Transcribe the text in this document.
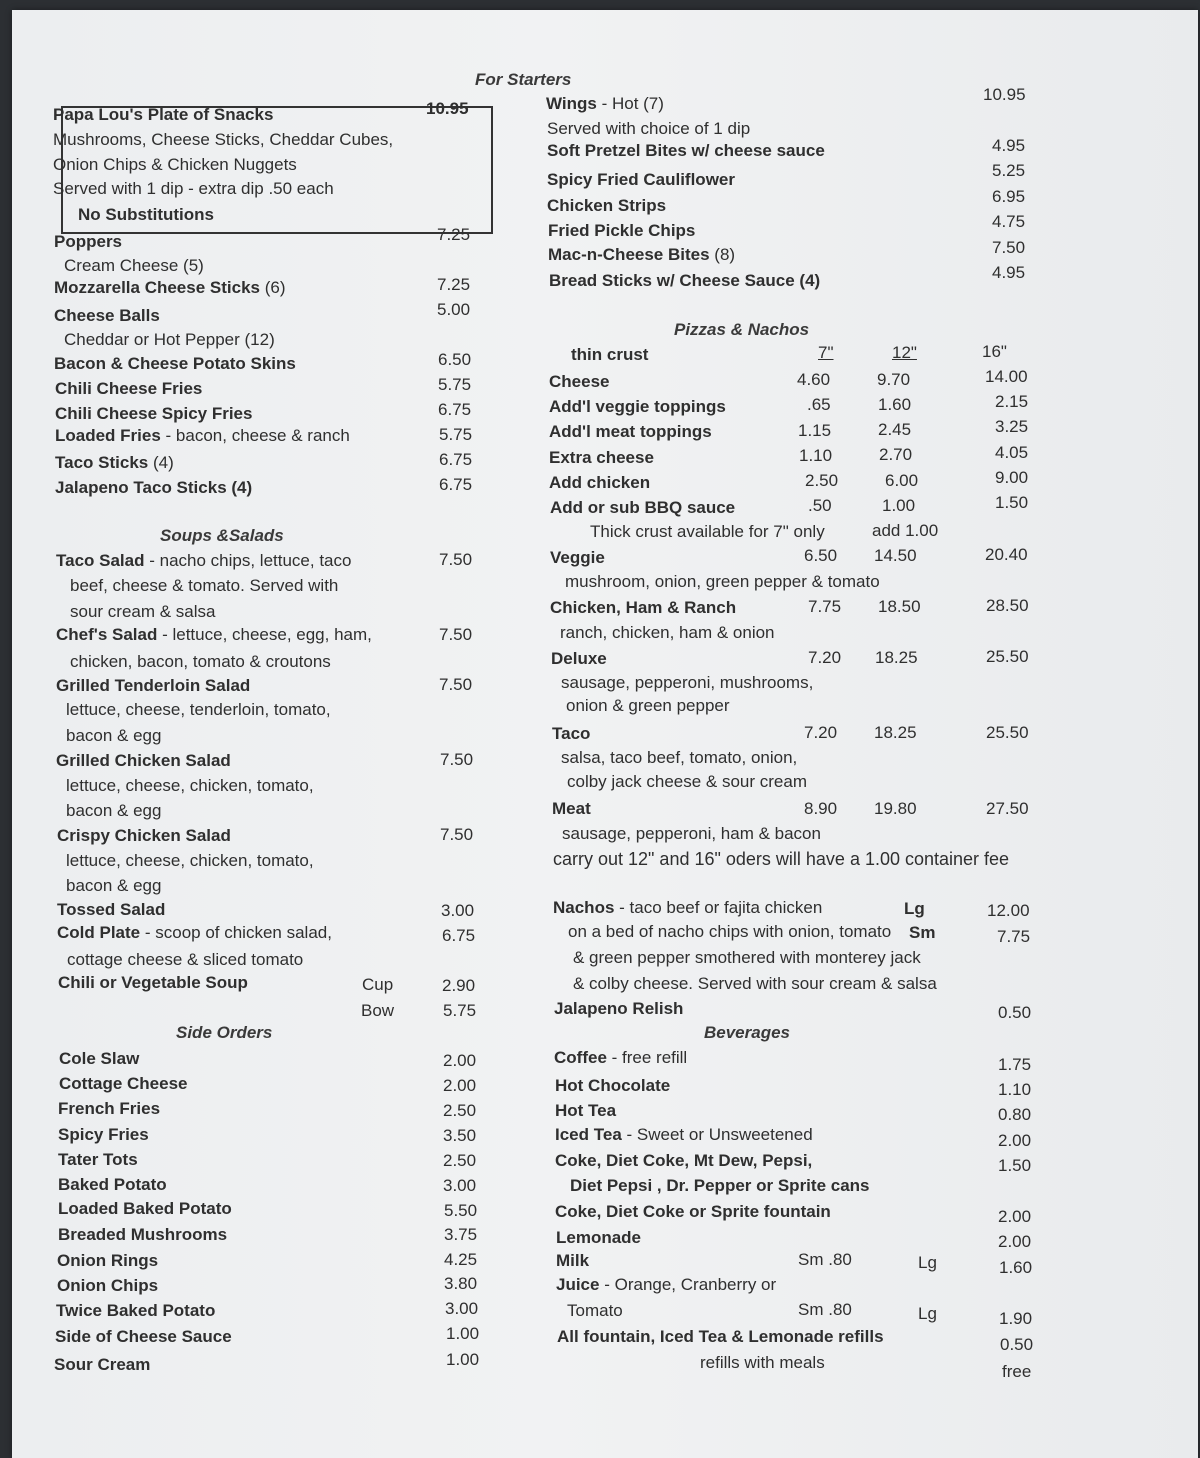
For Starters
Soups &Salads
Side Orders
Pizzas & Nachos
Beverages
Papa Lou's Plate of Snacks	10.95
Mushrooms, Cheese Sticks, Cheddar Cubes,
Onion Chips & Chicken Nuggets
Served with 1 dip - extra dip .50 each
No Substitutions
Poppers	7.25
Cream Cheese (5)
Mozzarella Cheese Sticks (6)	7.25
Cheese Balls	5.00
Cheddar or Hot Pepper (12)
Bacon & Cheese Potato Skins	6.50
Chili Cheese Fries	5.75
Chili Cheese Spicy Fries	6.75
Loaded Fries - bacon, cheese & ranch	5.75
Taco Sticks (4)	6.75
Jalapeno Taco Sticks (4)	6.75
Wings - Hot (7)	10.95
Served with choice of 1 dip
Soft Pretzel Bites w/ cheese sauce	4.95
Spicy Fried Cauliflower	5.25
Chicken Strips	6.95
Fried Pickle Chips	4.75
Mac-n-Cheese Bites (8)	7.50
Bread Sticks w/ Cheese Sauce (4)	4.95
thin crust	7"	12"	16"
Cheese	4.60	9.70	14.00
Add'l veggie toppings	.65	1.60	2.15
Add'l meat toppings	1.15	2.45	3.25
Extra cheese	1.10	2.70	4.05
Add chicken	2.50	6.00	9.00
Add or sub BBQ sauce	.50	1.00	1.50
Thick crust available for 7" only	add 1.00
Veggie	6.50 14.50	20.40
mushroom, onion, green pepper & tomato
Chicken, Ham & Ranch	7.75 18.50	28.50
ranch, chicken, ham & onion
Deluxe	7.20 18.25	25.50
sausage, pepperoni, mushrooms,
onion & green pepper
Taco	7.20 18.25	25.50
salsa, taco beef, tomato, onion,
colby jack cheese & sour cream
Meat	8.90 19.80	27.50
sausage, pepperoni, ham & bacon
carry out 12" and 16" oders will have a 1.00 container fee
Nachos - taco beef or fajita chicken	Lg	12.00
on a bed of nacho chips with onion, tomato Sm	7.75
& green pepper smothered with monterey jack
& colby cheese. Served with sour cream & salsa
Jalapeno Relish	0.50
Taco Salad - nacho chips, lettuce, taco	7.50
beef, cheese & tomato. Served with
sour cream & salsa
Chef's Salad - lettuce, cheese, egg, ham,	7.50
chicken, bacon, tomato & croutons
Grilled Tenderloin Salad	7.50
lettuce, cheese, tenderloin, tomato,
bacon & egg
Grilled Chicken Salad	7.50
lettuce, cheese, chicken, tomato,
bacon & egg
Crispy Chicken Salad	7.50
lettuce, cheese, chicken, tomato,
bacon & egg
Tossed Salad	3.00
Cold Plate - scoop of chicken salad,	6.75
cottage cheese & sliced tomato
Chili or Vegetable Soup	Cup	2.90
Bow	5.75
Cole Slaw	2.00
Cottage Cheese	2.00
French Fries	2.50
Spicy Fries	3.50
Tater Tots	2.50
Baked Potato	3.00
Loaded Baked Potato	5.50
Breaded Mushrooms	3.75
Onion Rings	4.25
Onion Chips	3.80
Twice Baked Potato	3.00
Side of Cheese Sauce	1.00
Sour Cream	1.00
Coffee - free refill	1.75
Hot Chocolate	1.10
Hot Tea	0.80
Iced Tea - Sweet or Unsweetened	2.00
Coke, Diet Coke, Mt Dew, Pepsi,	1.50
Diet Pepsi , Dr. Pepper or Sprite cans
Coke, Diet Coke or Sprite fountain	2.00
Lemonade	2.00
Milk	Sm .80	Lg	1.60
Juice - Orange, Cranberry or
Tomato	Sm .80	Lg	1.90
All fountain, Iced Tea & Lemonade refills	0.50
refills with meals	free
